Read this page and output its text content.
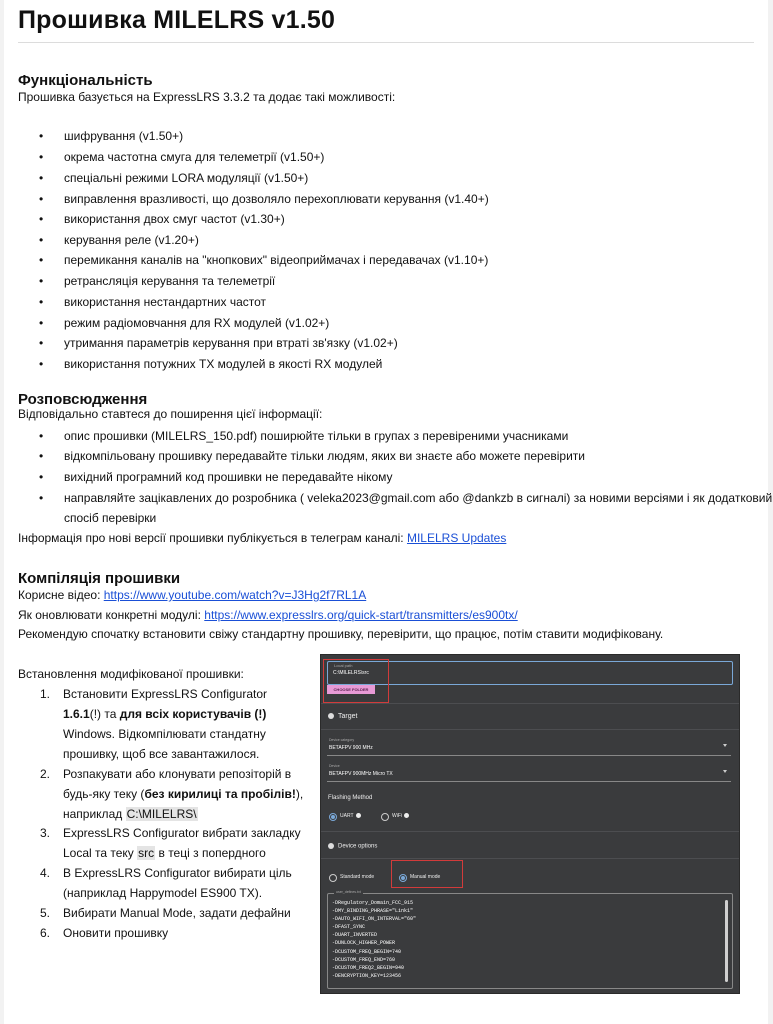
Прошивка MILELRS v1.50
Функціональність
Прошивка базується на ExpressLRS 3.3.2 та додає такі можливості:
• шифрування (v1.50+)
• окрема частотна смуга для телеметрії (v1.50+)
• спеціальні режими LORA модуляції (v1.50+)
• виправлення вразливості, що дозволяло перехоплювати керування (v1.40+)
• використання двох смуг частот (v1.30+)
• керування реле (v1.20+)
• перемикання каналів на "кнопкових" відеоприймачах і передавачах (v1.10+)
• ретрансляція керування та телеметрії
• використання нестандартних частот
• режим радіомовчання для RX модулей (v1.02+)
• утримання параметрів керування при втраті зв'язку (v1.02+)
• використання потужних TX модулей в якості RX модулей
Розповсюдження
Відповідально ставтеся до поширення цієї інформації:
• опис прошивки (MILELRS_150.pdf) поширюйте тільки в групах з перевіреними учасниками
• відкомпільовану прошивку передавайте тільки людям, яких ви знаєте або можете перевірити
• вихідний програмний код прошивки не передавайте нікому
• направляйте зацікавлених до розробника ( veleka2023@gmail.com або @dankzb в сигналі) за новими версіями і як додатковий
спосіб перевірки
Інформація про нові версії прошивки публікується в телеграм каналі: MILELRS Updates
Компіляція прошивки
Корисне відео: https://www.youtube.com/watch?v=J3Hg2f7RL1A
Як оновлювати конкретні модулі: https://www.expresslrs.org/quick-start/transmitters/es900tx/
Рекомендую спочатку встановити свіжу стандартну прошивку, перевірити, що працює, потім ставити модифіковану.
Встановлення модифікованої прошивки:
1. Встановити ExpressLRS Configurator 1.6.1(!) та для всіх користувачів (!) Windows. Відкомпілювати стандатну прошивку, щоб все завантажилося.
2. Розпакувати або клонувати репозіторій в будь-яку теку (без кирилиці та пробілів!), наприклад C:\MILELRS\
3. ExpressLRS Configurator вибрати закладку Local та теку src в теці з попердного
4. В ExpressLRS Configurator вибирати ціль (наприклад Happymodel ES900 TX).
5. Вибирати Manual Mode, задати дефайни
6. Оновити прошивку
Local path
C:\MILELRS\src
CHOOSE FOLDER
Target
Device category
BETAFPV 900 MHz
Device
BETAFPV 900MHz Micro TX
Flashing Method
UART	WiFi
Device options
Standard mode	Manual mode
user_defines.txt
-DRegulatory_Domain_FCC_915
-DMY_BINDING_PHRASE="Link1"
-DAUTO_WIFI_ON_INTERVAL="60"
-DFAST_SYNC
-DUART_INVERTED
-DUNLOCK_HIGHER_POWER
-DCUSTOM_FREQ_BEGIN=740
-DCUSTOM_FREQ_END=760
-DCUSTOM_FREQ2_BEGIN=940
-DENCRYPTION_KEY=123456
